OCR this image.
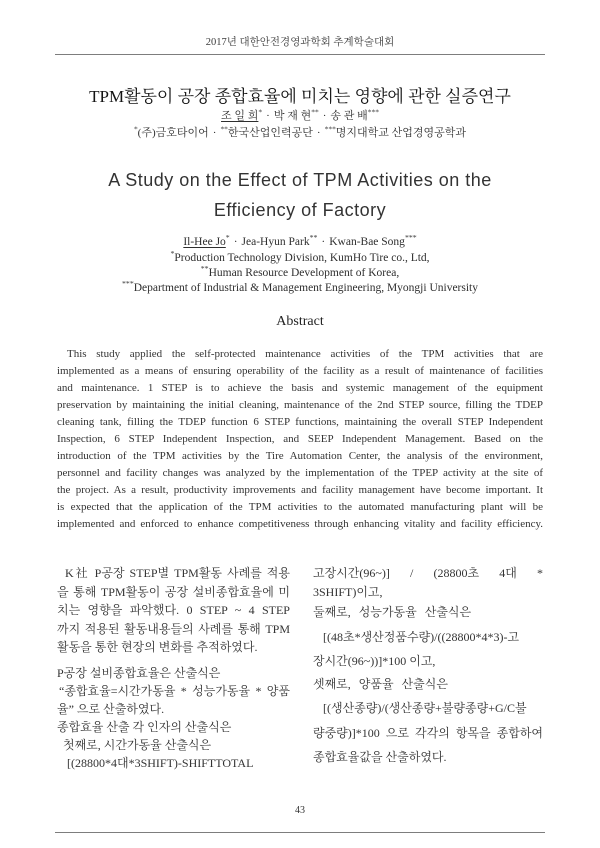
2017년 대한안전경영과학회 추계학술대회
TPM활동이 공장 종합효율에 미치는 영향에 관한 실증연구
조 일 희* · 박 재 현** · 송 관 배***
*(주)금호타이어 · **한국산업인력공단 · ***명지대학교 산업경영공학과
A Study on the Effect of TPM Activities on the
Efficiency of Factory
Il-Hee Jo* · Jea-Hyun Park** · Kwan-Bae Song***
*Production Technology Division, KumHo Tire co., Ltd,
**Human Resource Development of Korea,
***Department of Industrial & Management Engineering, Myongji University
Abstract
This study applied the self-protected maintenance activities of the TPM activities that are
implemented as a means of ensuring operability of the facility as a result of maintenance of facilities
and maintenance. 1 STEP is to achieve the basis and systemic management of the equipment
preservation by maintaining the initial cleaning, maintenance of the 2nd STEP source, filling the TDEP
cleaning tank, filling the TDEP function 6 STEP functions, maintaining the overall STEP Independent
Inspection, 6 STEP Independent Inspection, and SEEP Independent Management. Based on the
introduction of the TPM activities by the Tire Automation Center, the analysis of the environment,
personnel and facility changes was analyzed by the implementation of the TPEP activity at the site of
the project. As a result, productivity improvements and facility management have become important. It
is expected that the application of the TPM activities to the automated manufacturing plant will be
implemented and enforced to enhance competitiveness through enhancing vitality and facility efficiency.
K社 P공장 STEP별 TPM활동 사례를 적용
을 통해 TPM활동이 공장 설비종합효율에 미
치는 영향을 파악했다. 0 STEP ~ 4 STEP
까지 적용된 활동내용들의 사례를 통해 TPM
활동을 통한 현장의 변화를 추적하였다.
P공장 설비종합효율은 산출식은
“종합효율=시간가동율 * 성능가동율 * 양품
율” 으로 산출하였다.
종합효율 산출 각 인자의 산출식은
첫째로, 시간가동율 산출식은
[(28800*4대*3SHIFT)-SHIFTTOTAL
고장시간(96~)] / (28800초 4대 *
3SHIFT)이고,
둘째로, 성능가동율 산출식은
[(48초*생산정품수량)/((28800*4*3)-고
장시간(96~))]*100 이고,
셋째로, 양품율 산출식은
[(생산종량)/(생산종량+불량종량+G/C불
량중량)]*100 으로 각각의 항목을 종합하여
종합효율값을 산출하였다.
43
